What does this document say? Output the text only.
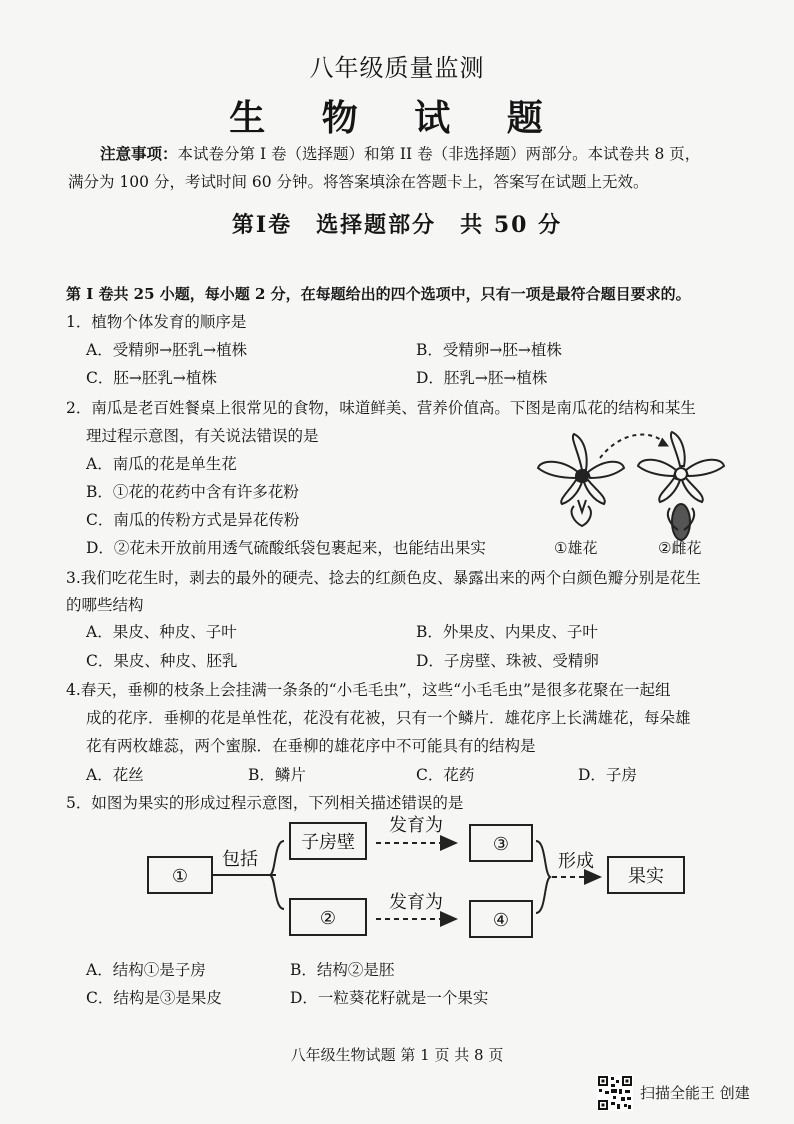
八年级质量监测
生 物 试 题
注意事项：本试卷分第 I 卷（选择题）和第 II 卷（非选择题）两部分。本试卷共 8 页，
满分为 100 分，考试时间 60 分钟。将答案填涂在答题卡上，答案写在试题上无效。
第Ⅰ卷　选择题部分　共 50 分
第 I 卷共 25 小题，每小题 2 分，在每题给出的四个选项中，只有一项是最符合题目要求的。
1．植物个体发育的顺序是
A．受精卵→胚乳→植株	B．受精卵→胚→植株
C．胚→胚乳→植株	D．胚乳→胚→植株
2．南瓜是老百姓餐桌上很常见的食物，味道鲜美、营养价值高。下图是南瓜花的结构和某生
理过程示意图，有关说法错误的是
A．南瓜的花是单生花
B．①花的花药中含有许多花粉
C．南瓜的传粉方式是异花传粉
D．②花未开放前用透气硫酸纸袋包裹起来，也能结出果实	①雄花	②雌花
3.我们吃花生时，剥去的最外的硬壳、捻去的红颜色皮、暴露出来的两个白颜色瓣分别是花生
的哪些结构
A．果皮、种皮、子叶	B．外果皮、内果皮、子叶
C．果皮、种皮、胚乳	D．子房壁、珠被、受精卵
4.春天，垂柳的枝条上会挂满一条条的“小毛毛虫”，这些“小毛毛虫”是很多花聚在一起组
成的花序．垂柳的花是单性花，花没有花被，只有一个鳞片．雄花序上长满雄花，每朵雄
花有两枚雄蕊，两个蜜腺．在垂柳的雄花序中不可能具有的结构是
A．花丝	B．鳞片	C．花药	D．子房
5．如图为果实的形成过程示意图，下列相关描述错误的是
①
包括
子房壁
发育为
③
形成
果实
②
发育为
④
A．结构①是子房	B．结构②是胚
C．结构是③是果皮	D．一粒葵花籽就是一个果实
八年级生物试题 第 1 页 共 8 页
扫描全能王 创建
